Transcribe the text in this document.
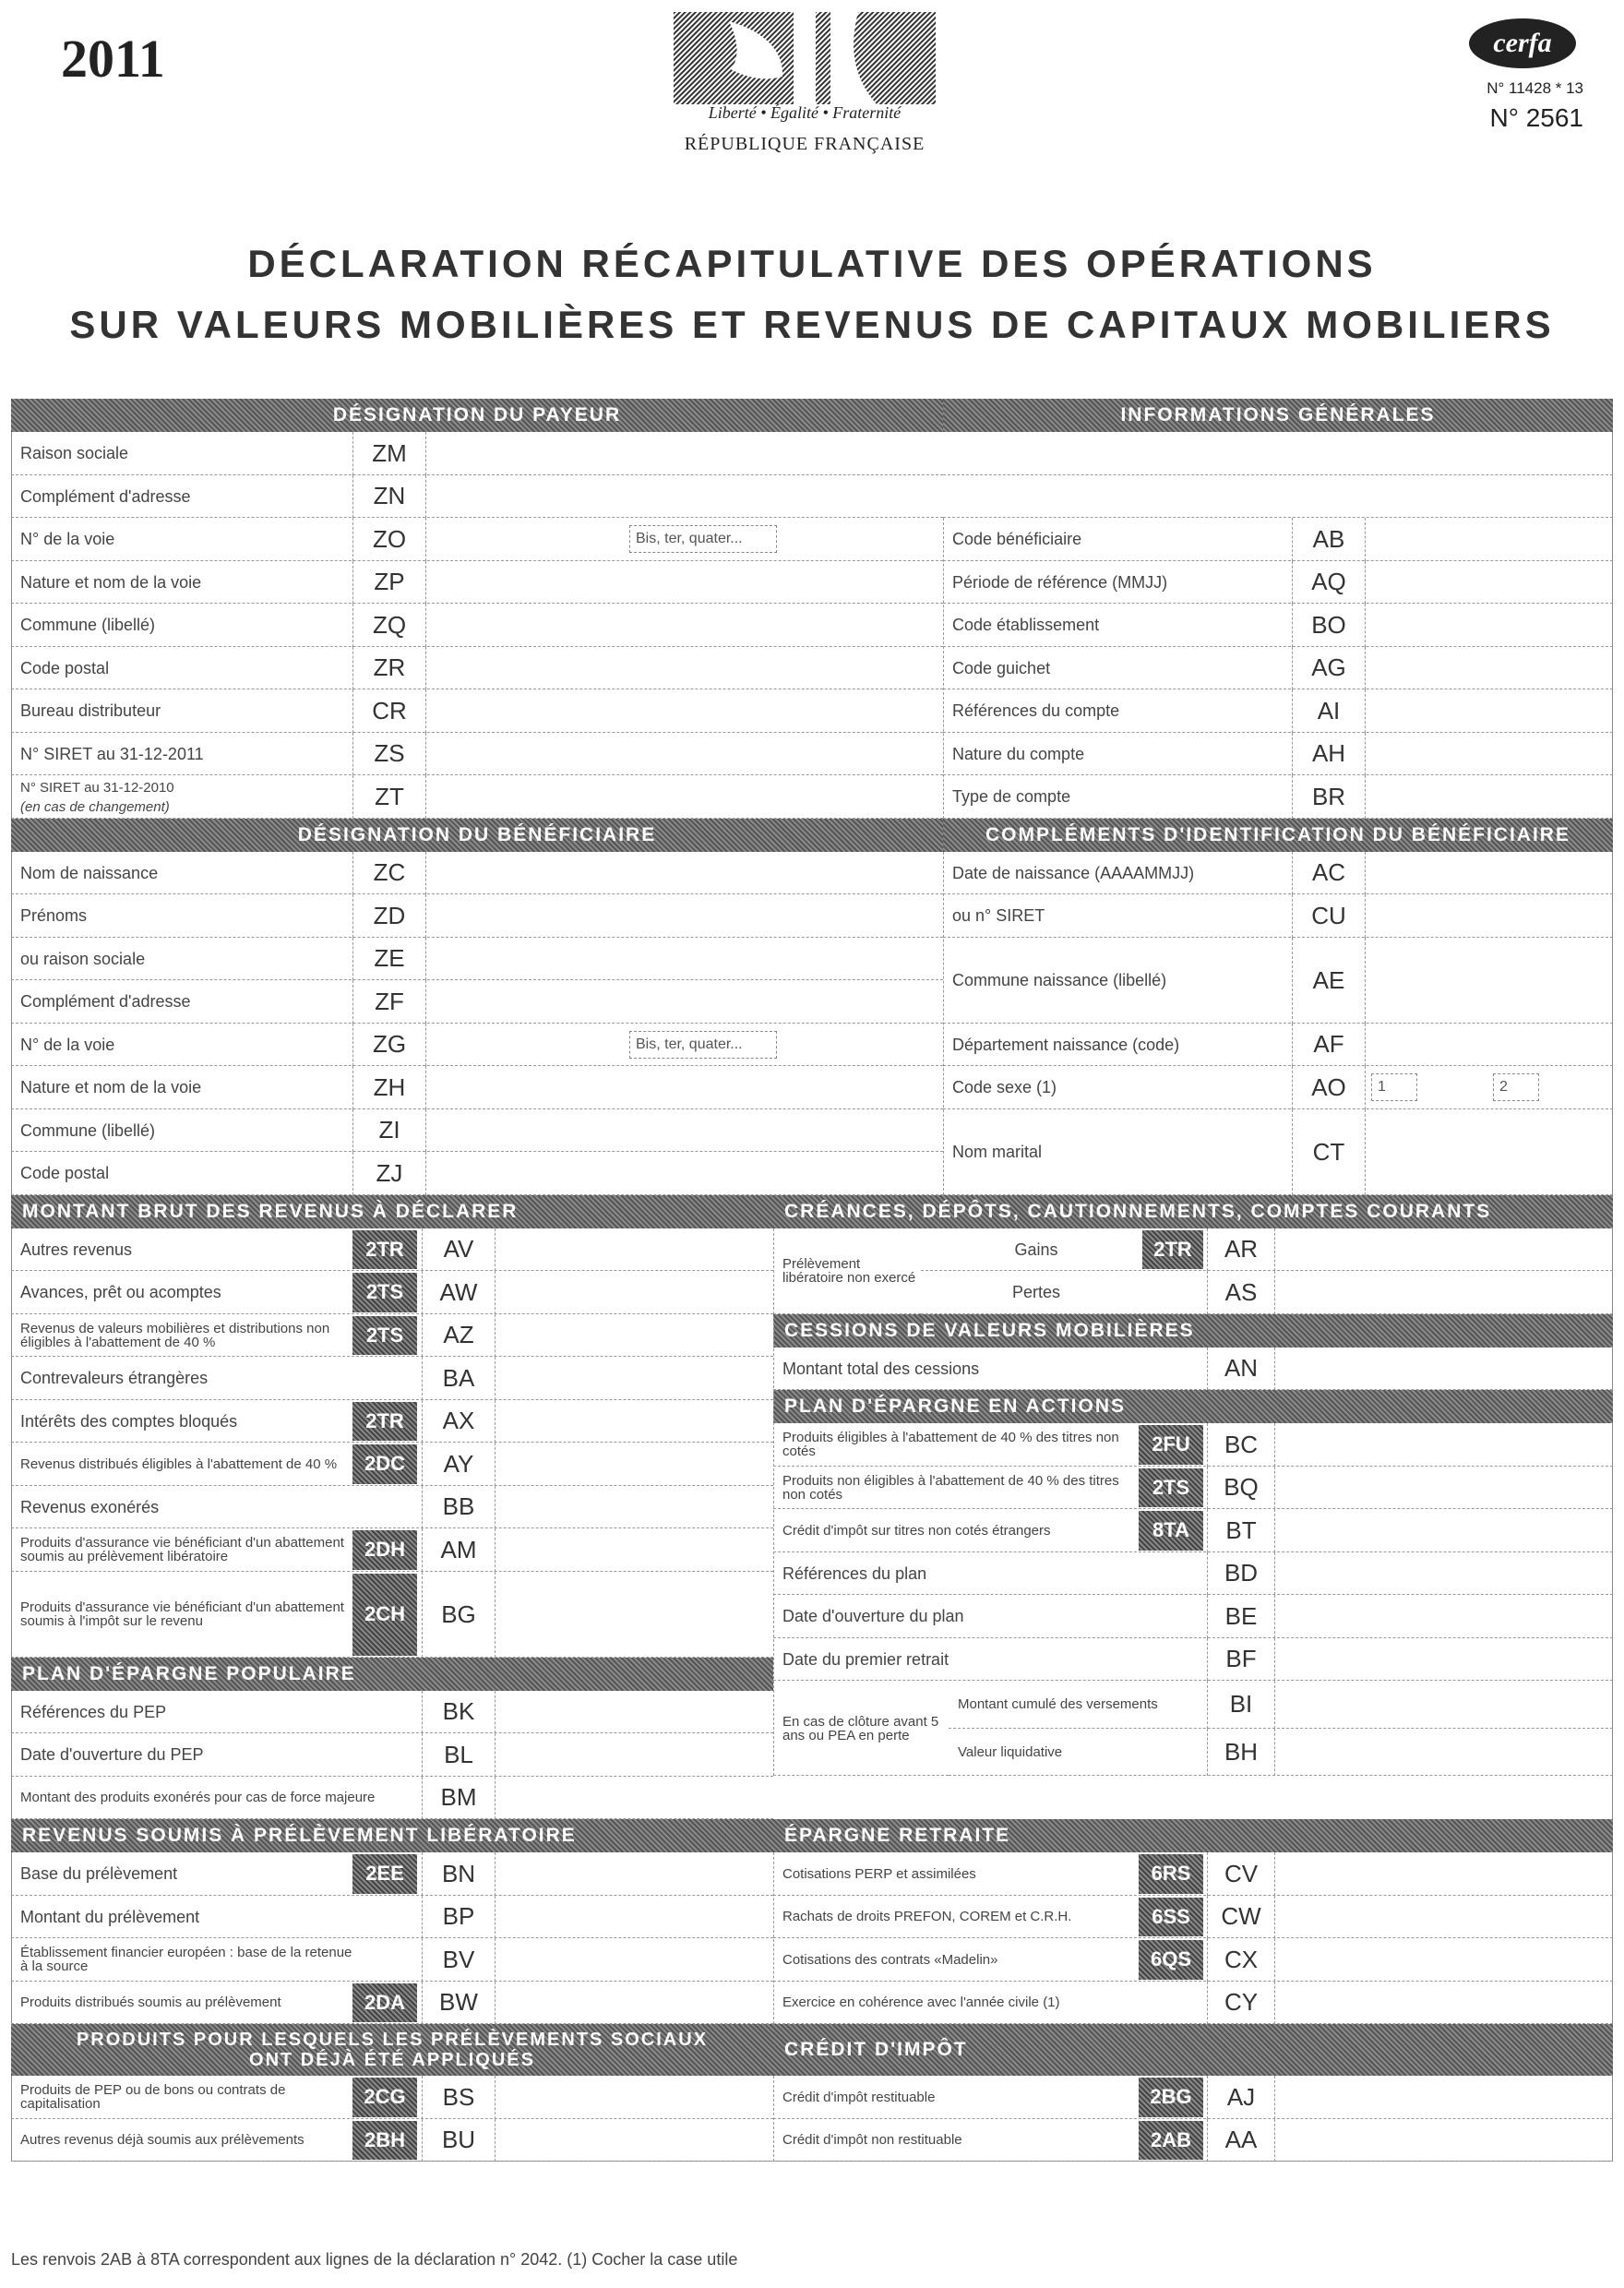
2011
Liberté • Égalité • Fraternité
RÉPUBLIQUE FRANÇAISE
cerfa
N° 11428 * 13
N° 2561
DÉCLARATION RÉCAPITULATIVE DES OPÉRATIONS
SUR VALEURS MOBILIÈRES ET REVENUS DE CAPITAUX MOBILIERS
DÉSIGNATION DU PAYEUR	INFORMATIONS GÉNÉRALES
Raison sociale	ZM
Complément d'adresse	ZN
N° de la voie	ZO	Bis, ter, quater...
Nature et nom de la voie	ZP
Commune (libellé)	ZQ
Code postal	ZR
Bureau distributeur	CR
N° SIRET au 31-12-2011	ZS
N° SIRET au 31-12-2010
(en cas de changement)	ZT
Code bénéficiaire	AB
Période de référence (MMJJ)	AQ
Code établissement	BO
Code guichet	AG
Références du compte	AI
Nature du compte	AH
Type de compte	BR
DÉSIGNATION DU BÉNÉFICIAIRE	COMPLÉMENTS D'IDENTIFICATION DU BÉNÉFICIAIRE
Nom de naissance	ZC
Prénoms	ZD
ou raison sociale	ZE
Complément d'adresse	ZF
N° de la voie	ZG	Bis, ter, quater...
Nature et nom de la voie	ZH
Commune (libellé)	ZI
Code postal	ZJ
Date de naissance (AAAAMMJJ)	AC
ou n° SIRET	CU
Commune naissance (libellé)	AE
Département naissance (code)	AF
Code sexe (1)	AO	1	2
Nom marital	CT
MONTANT BRUT DES REVENUS À DÉCLARER	CRÉANCES, DÉPÔTS, CAUTIONNEMENTS, COMPTES COURANTS
Autres revenus	2TR	AV
Avances, prêt ou acomptes	2TS	AW
Revenus de valeurs mobilières et distributions non éligibles à l'abattement de 40 %	2TS	AZ
Contrevaleurs étrangères	BA
Intérêts des comptes bloqués	2TR	AX
Revenus distribués éligibles à l'abattement de 40 %	2DC	AY
Revenus exonérés	BB
Produits d'assurance vie bénéficiant d'un abattement soumis au prélèvement libératoire	2DH	AM
Produits d'assurance vie bénéficiant d'un abattement soumis à l'impôt sur le revenu	2CH	BG
Prélèvement libératoire non exercé
Gains	2TR	AR
Pertes	AS
CESSIONS DE VALEURS MOBILIÈRES
Montant total des cessions	AN
PLAN D'ÉPARGNE EN ACTIONS
Produits éligibles à l'abattement de 40 % des titres non cotés	2FU	BC
Produits non éligibles à l'abattement de 40 % des titres non cotés	2TS	BQ
Crédit d'impôt sur titres non cotés étrangers	8TA	BT
Références du plan	BD
Date d'ouverture du plan	BE
Date du premier retrait	BF
En cas de clôture avant 5 ans ou PEA en perte
Montant cumulé des versements	BI
Valeur liquidative	BH
PLAN D'ÉPARGNE POPULAIRE
Références du PEP	BK
Date d'ouverture du PEP	BL
Montant des produits exonérés pour cas de force majeure	BM
REVENUS SOUMIS À PRÉLÈVEMENT LIBÉRATOIRE	ÉPARGNE RETRAITE
Base du prélèvement	2EE	BN
Montant du prélèvement	BP
Établissement financier européen : base de la retenue à la source	BV
Produits distribués soumis au prélèvement	2DA	BW
Cotisations PERP et assimilées	6RS	CV
Rachats de droits PREFON, COREM et C.R.H.	6SS	CW
Cotisations des contrats «Madelin»	6QS	CX
Exercice en cohérence avec l'année civile (1)	CY
PRODUITS POUR LESQUELS LES PRÉLÈVEMENTS SOCIAUX
ONT DÉJÀ ÉTÉ APPLIQUÉS	CRÉDIT D'IMPÔT
Produits de PEP ou de bons ou contrats de capitalisation	2CG	BS
Autres revenus déjà soumis aux prélèvements	2BH	BU
Crédit d'impôt restituable	2BG	AJ
Crédit d'impôt non restituable	2AB	AA
Les renvois 2AB à 8TA correspondent aux lignes de la déclaration n° 2042. (1) Cocher la case utile
